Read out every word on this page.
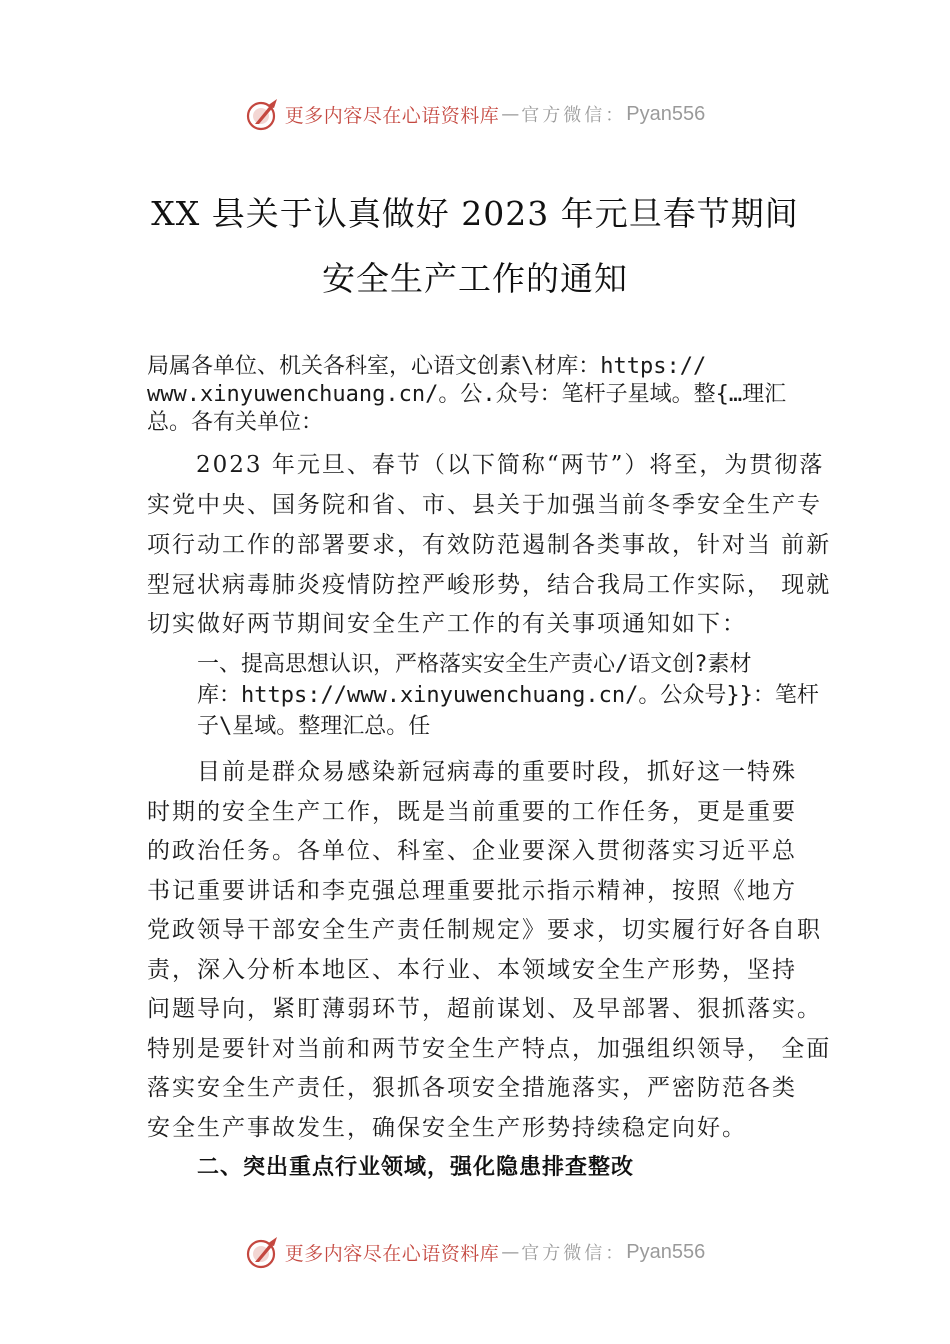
更多内容尽在心语资料库 — 官方微信： Pyan556
XX 县关于认真做好 2023 年元旦春节期间
安全生产工作的通知
局属各单位、机关各科室，心语文创素\材库：https://
www.xinyuwenchuang.cn/。公.众号：笔杆子星域。整{…理汇
总。各有关单位：
2023 年元旦、春节（以下简称“两节”）将至，为贯彻落
实党中央、国务院和省、市、县关于加强当前冬季安全生产专
项行动工作的部署要求，有效防范遏制各类事故，针对当 前新
型冠状病毒肺炎疫情防控严峻形势，结合我局工作实际， 现就
切实做好两节期间安全生产工作的有关事项通知如下：
一、提高思想认识，严格落实安全生产责心/语文创?素材
库：https://www.xinyuwenchuang.cn/。公众号}}：笔杆
子\星域。整理汇总。任
目前是群众易感染新冠病毒的重要时段，抓好这一特殊
时期的安全生产工作，既是当前重要的工作任务，更是重要
的政治任务。各单位、科室、企业要深入贯彻落实习近平总
书记重要讲话和李克强总理重要批示指示精神，按照《地方
党政领导干部安全生产责任制规定》要求，切实履行好各自职
责，深入分析本地区、本行业、本领域安全生产形势，坚持
问题导向，紧盯薄弱环节，超前谋划、及早部署、狠抓落实。
特别是要针对当前和两节安全生产特点，加强组织领导， 全面
落实安全生产责任，狠抓各项安全措施落实，严密防范各类
安全生产事故发生，确保安全生产形势持续稳定向好。
二、突出重点行业领域，强化隐患排查整改
更多内容尽在心语资料库 — 官方微信： Pyan556
